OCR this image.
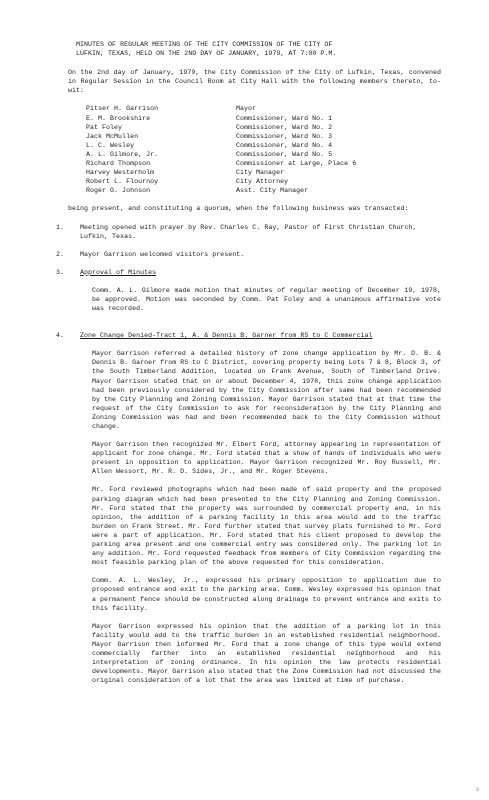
MINUTES OF REGULAR MEETING OF THE CITY COMMISSION OF THE CITY OF
LUFKIN, TEXAS, HELD ON THE 2ND DAY OF JANUARY, 1979, AT 7:00 P.M.

On the 2nd day of January, 1979, the City Commission of the City of Lufkin, Texas, convened in Regular Session in the Council Room at City Hall with the following members thereto, to-wit:

Pitser H. Garrison	Mayor
E. M. Brookshire	Commissioner, Ward No. 1
Pat Foley	Commissioner, Ward No. 2
Jack McMullen	Commissioner, Ward No. 3
L. C. Wesley	Commissioner, Ward No. 4
A. L. Gilmore, Jr.	Commissioner, Ward No. 5
Richard Thompson	Commissioner at Large, Place 6
Harvey Westerholm	City Manager
Robert L. Flournoy	City Attorney
Roger G. Johnson	Asst. City Manager

being present, and constituting a quorum, when the following business was transacted:

1.	Meeting opened with prayer by Rev. Charles C. Ray, Pastor of First Christian Church, Lufkin, Texas.
2.	Mayor Garrison welcomed visitors present.
3.	Approval of Minutes

Comm. A. L. Gilmore made motion that minutes of regular meeting of December 19, 1978, be approved. Motion was seconded by Comm. Pat Foley and a unanimous affirmative vote was recorded.

4.	Zone Change Denied-Tract 1, A. & Dennis B. Garner from RS to C Commercial

Mayor Garrison referred a detailed history of zone change application by Mr. D. B. & Dennis B. Garner from RS to C District, covering property being Lots 7 & 8, Block 3, of the South Timberland Addition, located on Frank Avenue, South of Timberland Drive. Mayor Garrison stated that on or about December 4, 1978, this zone change application had been previously considered by the City Commission after same had been recommended by the City Planning and Zoning Commission. Mayor Garrison stated that at that time the request of the City Commission to ask for reconsideration by the City Planning and Zoning Commission was had and been recommended back to the City Commission without change.

Mayor Garrison then recognized Mr. Elbert Ford, attorney appearing in representation of applicant for zone change. Mr. Ford stated that a show of hands of individuals who were present in opposition to application. Mayor Garrison recognized Mr. Roy Russell, Mr. Allen Wessort, Mr. R. D. Sides, Jr., and Mr. Roger Stevens.

Mr. Ford reviewed photographs which had been made of said property and the proposed parking diagram which had been presented to the City Planning and Zoning Commission. Mr. Ford stated that the property was surrounded by commercial property and, in his opinion, the addition of a parking facility in this area would add to the traffic burden on Frank Street. Mr. Ford further stated that survey plats furnished to Mr. Ford were a part of application. Mr. Ford stated that his client proposed to develop the parking area present and one commercial entry was considered only. The parking lot in any addition. Mr. Ford requested feedback from members of City Commission regarding the most feasible parking plan of the above requested for this consideration.

Comm. A. L. Wesley, Jr., expressed his primary opposition to application due to proposed entrance and exit to the parking area. Comm. Wesley expressed his opinion that a permanent fence should be constructed along drainage to prevent entrance and exits to this facility.

Mayor Garrison expressed his opinion that the addition of a parking lot in this facility would add to the traffic burden in an established residential neighborhood. Mayor Garrison then informed Mr. Ford that a zone change of this type would extend commercially farther into an established residential neighborhood and his interpretation of zoning ordinance. In his opinion the law protects residential developments. Mayor Garrison also stated that the Zone Commission had not discussed the original consideration of a lot that the area was limited at time of purchase.

3
